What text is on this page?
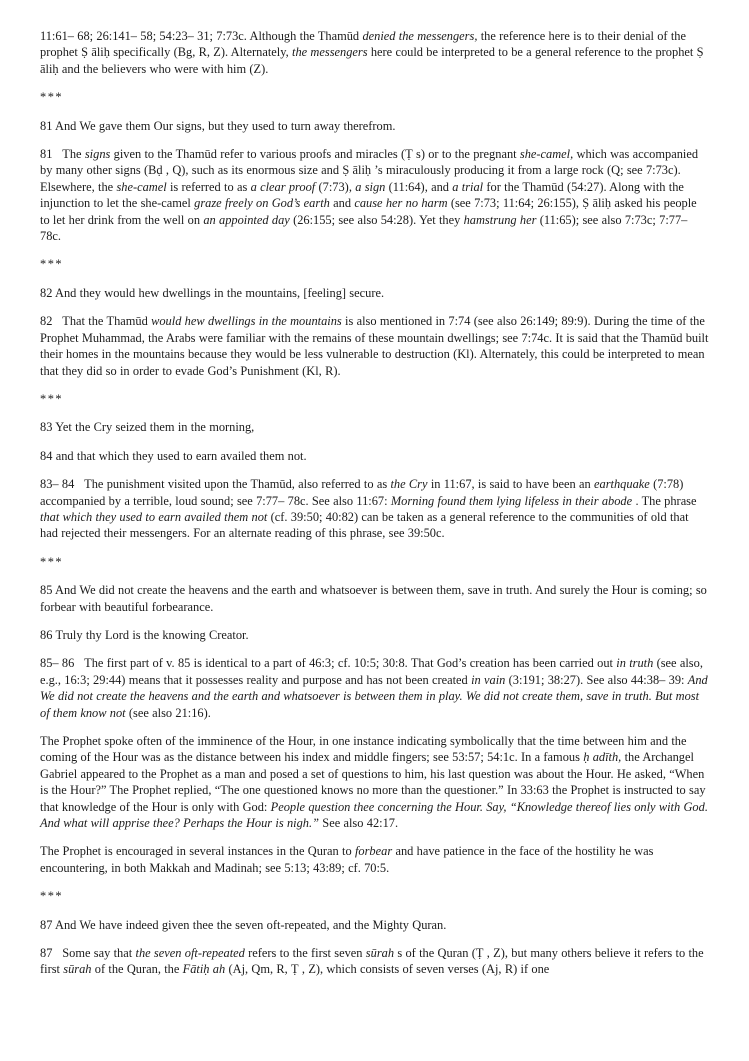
11:61– 68; 26:141– 58; 54:23– 31; 7:73c. Although the Thamūd denied the messengers, the reference here is to their denial of the prophet Ṣ āliḥ specifically (Bg, R, Z). Alternately, the messengers here could be interpreted to be a general reference to the prophet Ṣ āliḥ and the believers who were with him (Z).

***

81 And We gave them Our signs, but they used to turn away therefrom.

81   The signs given to the Thamūd refer to various proofs and miracles (Ṭ s) or to the pregnant she-camel, which was accompanied by many other signs (Bḍ , Q), such as its enormous size and Ṣ āliḥ ’s miraculously producing it from a large rock (Q; see 7:73c). Elsewhere, the she-camel is referred to as a clear proof (7:73), a sign (11:64), and a trial for the Thamūd (54:27). Along with the injunction to let the she-camel graze freely on God’s earth and cause her no harm (see 7:73; 11:64; 26:155), Ṣ āliḥ asked his people to let her drink from the well on an appointed day (26:155; see also 54:28). Yet they hamstrung her (11:65); see also 7:73c; 7:77– 78c.

***

82 And they would hew dwellings in the mountains, [feeling] secure.

82   That the Thamūd would hew dwellings in the mountains is also mentioned in 7:74 (see also 26:149; 89:9). During the time of the Prophet Muhammad, the Arabs were familiar with the remains of these mountain dwellings; see 7:74c. It is said that the Thamūd built their homes in the mountains because they would be less vulnerable to destruction (Kl). Alternately, this could be interpreted to mean that they did so in order to evade God’s Punishment (Kl, R).

***

83 Yet the Cry seized them in the morning,

84 and that which they used to earn availed them not.

83– 84   The punishment visited upon the Thamūd, also referred to as the Cry in 11:67, is said to have been an earthquake (7:78) accompanied by a terrible, loud sound; see 7:77– 78c. See also 11:67: Morning found them lying lifeless in their abode . The phrase that which they used to earn availed them not (cf. 39:50; 40:82) can be taken as a general reference to the communities of old that had rejected their messengers. For an alternate reading of this phrase, see 39:50c.

***

85 And We did not create the heavens and the earth and whatsoever is between them, save in truth. And surely the Hour is coming; so forbear with beautiful forbearance.

86 Truly thy Lord is the knowing Creator.

85– 86   The first part of v. 85 is identical to a part of 46:3; cf. 10:5; 30:8. That God’s creation has been carried out in truth (see also, e.g., 16:3; 29:44) means that it possesses reality and purpose and has not been created in vain (3:191; 38:27). See also 44:38– 39: And We did not create the heavens and the earth and whatsoever is between them in play. We did not create them, save in truth. But most of them know not (see also 21:16).

The Prophet spoke often of the imminence of the Hour, in one instance indicating symbolically that the time between him and the coming of the Hour was as the distance between his index and middle fingers; see 53:57; 54:1c. In a famous ḥ adīth, the Archangel Gabriel appeared to the Prophet as a man and posed a set of questions to him, his last question was about the Hour. He asked, “When is the Hour?” The Prophet replied, “The one questioned knows no more than the questioner.” In 33:63 the Prophet is instructed to say that knowledge of the Hour is only with God: People question thee concerning the Hour. Say, “Knowledge thereof lies only with God. And what will apprise thee? Perhaps the Hour is nigh.” See also 42:17.

The Prophet is encouraged in several instances in the Quran to forbear and have patience in the face of the hostility he was encountering, in both Makkah and Madinah; see 5:13; 43:89; cf. 70:5.

***

87 And We have indeed given thee the seven oft-repeated, and the Mighty Quran.

87   Some say that the seven oft-repeated refers to the first seven sūrah s of the Quran (Ṭ , Z), but many others believe it refers to the first sūrah of the Quran, the Fātiḥ ah (Aj, Qm, R, Ṭ , Z), which consists of seven verses (Aj, R) if one
